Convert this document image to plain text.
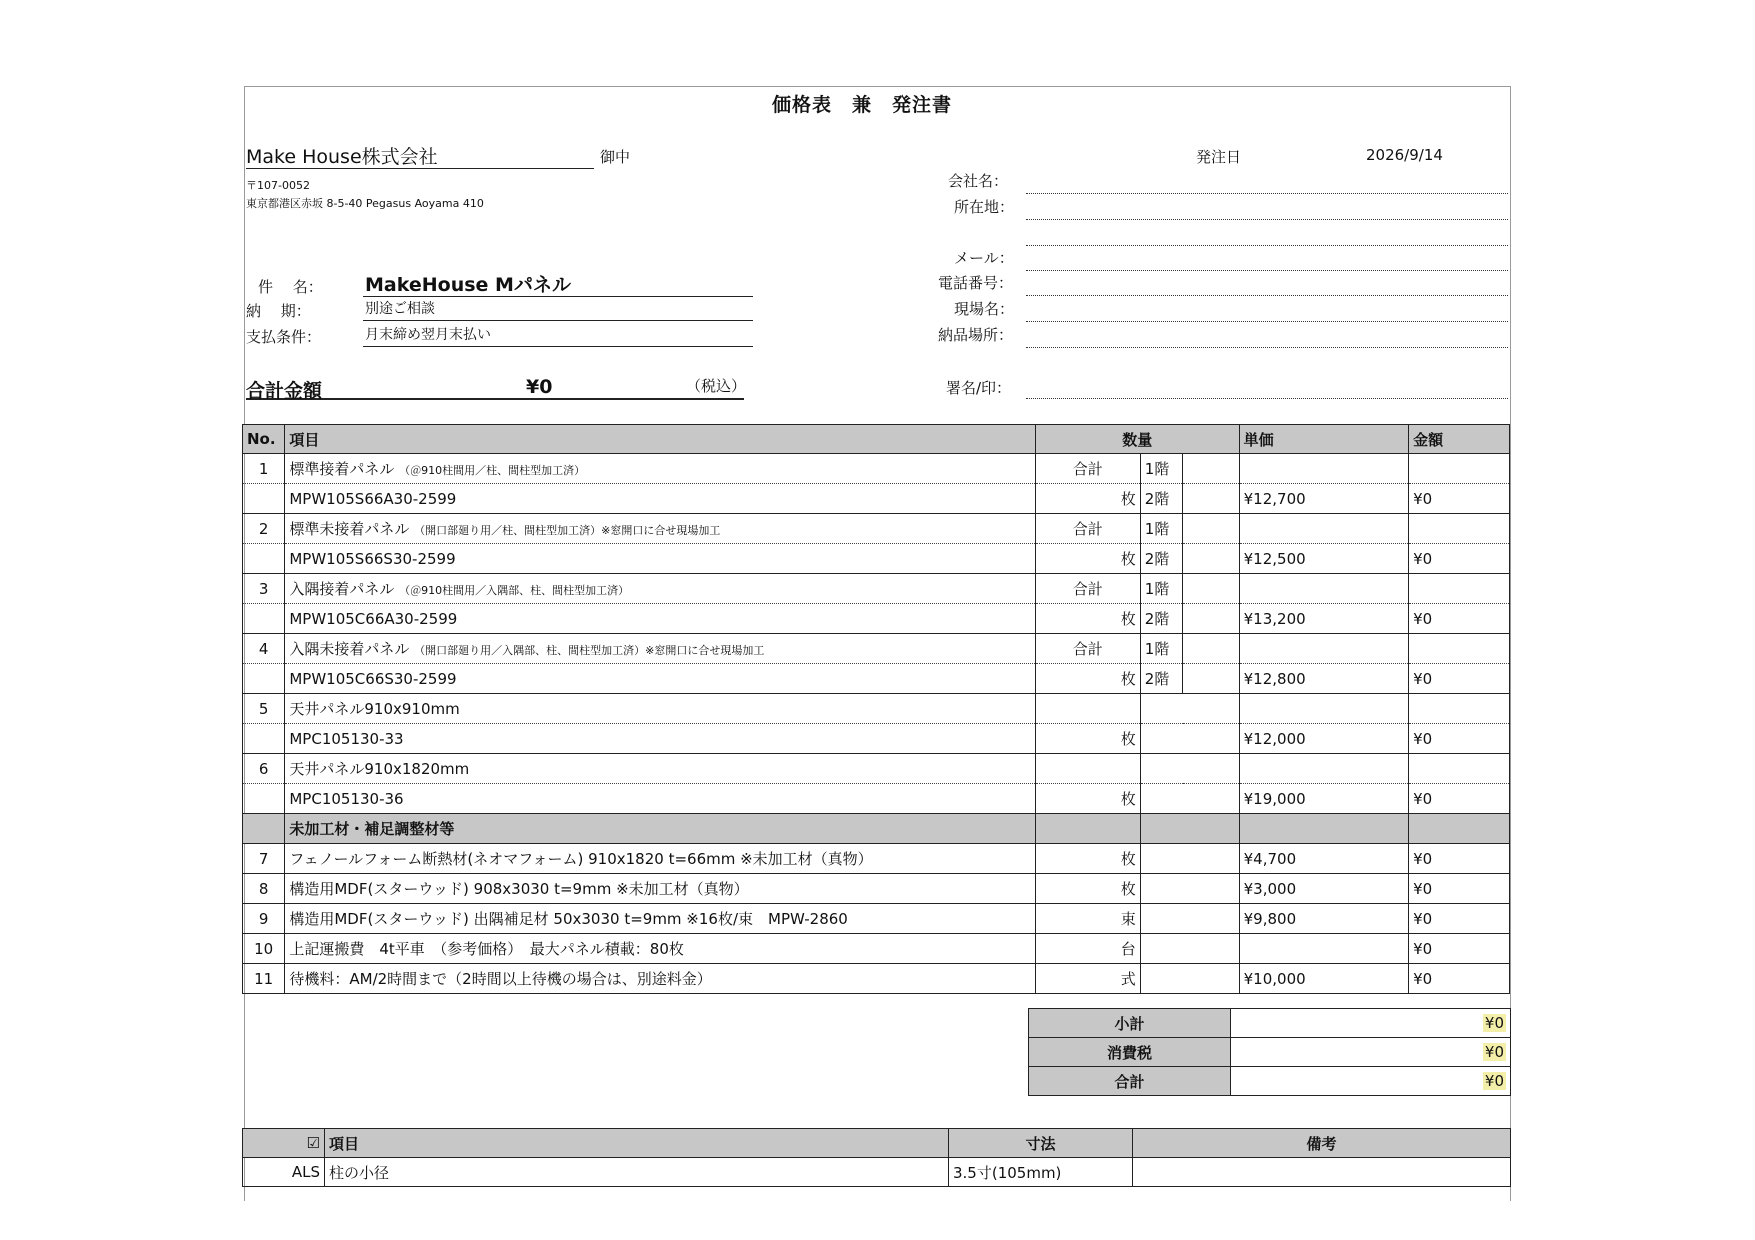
価格表　兼　発注書
Make House株式会社	御中
〒107-0052
東京都港区赤坂 8-5-40 Pegasus Aoyama 410
発注日	2026/9/14
会社名：
所在地：
メール：
電話番号：
現場名：
納品場所：
署名/印：
件　 名： MakeHouse Mパネル
納　 期：	別途ご相談
支払条件：	月末締め翌月末払い
合計金額	¥0	（税込）
No.	項目	数量			単価	金額
1	標準接着パネル （＠910柱間用／柱、間柱型加工済）	合計	1階			
	MPW105S66A30-2599	枚	2階		¥12,700	¥0
2	標準未接着パネル （開口部廻り用／柱、間柱型加工済）※窓開口に合せ現場加工	合計	1階			
	MPW105S66S30-2599	枚	2階		¥12,500	¥0
3	入隅接着パネル （＠910柱間用／入隅部、柱、間柱型加工済）	合計	1階			
	MPW105C66A30-2599	枚	2階		¥13,200	¥0
4	入隅未接着パネル （開口部廻り用／入隅部、柱、間柱型加工済）※窓開口に合せ現場加工	合計	1階			
	MPW105C66S30-2599	枚	2階		¥12,800	¥0
5	天井パネル910x910mm					
	MPC105130-33	枚			¥12,000	¥0
6	天井パネル910x1820mm					
	MPC105130-36	枚			¥19,000	¥0
	未加工材・補足調整材等					
7	フェノールフォーム断熱材(ネオマフォーム) 910x1820 t=66mm ※未加工材（真物）	枚			¥4,700	¥0
8	構造用MDF(スターウッド) 908x3030 t=9mm ※未加工材（真物）	枚			¥3,000	¥0
9	構造用MDF(スターウッド) 出隅補足材 50x3030 t=9mm ※16枚/束　MPW-2860	束			¥9,800	¥0
10	上記運搬費　4t平車　（参考価格）　最大パネル積載：80枚	台				¥0
11	待機料：AM/2時間まで（2時間以上待機の場合は、別途料金）	式			¥10,000	¥0
小計	¥0
消費税	¥0
合計	¥0
☑	項目	寸法	備考
ALS	柱の小径	3.5寸(105mm)	
